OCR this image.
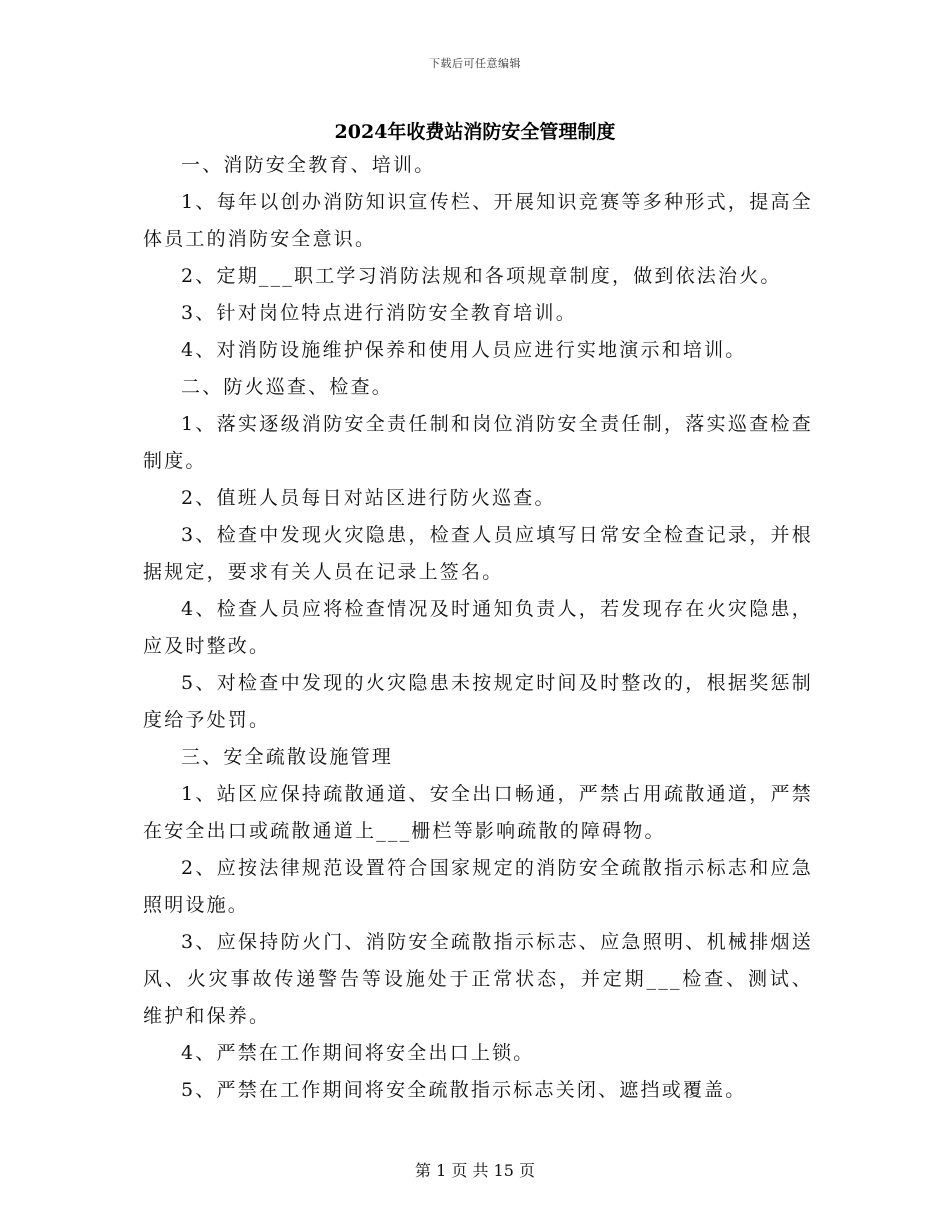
下载后可任意编辑
2024年收费站消防安全管理制度

一、消防安全教育、培训。

1、每年以创办消防知识宣传栏、开展知识竞赛等多种形式，提高全体员工的消防安全意识。

2、定期___职工学习消防法规和各项规章制度，做到依法治火。

3、针对岗位特点进行消防安全教育培训。

4、对消防设施维护保养和使用人员应进行实地演示和培训。

二、防火巡查、检查。

1、落实逐级消防安全责任制和岗位消防安全责任制，落实巡查检查制度。

2、值班人员每日对站区进行防火巡查。

3、检查中发现火灾隐患，检查人员应填写日常安全检查记录，并根据规定，要求有关人员在记录上签名。

4、检查人员应将检查情况及时通知负责人，若发现存在火灾隐患，应及时整改。

5、对检查中发现的火灾隐患未按规定时间及时整改的，根据奖惩制度给予处罚。

三、安全疏散设施管理

1、站区应保持疏散通道、安全出口畅通，严禁占用疏散通道，严禁在安全出口或疏散通道上___栅栏等影响疏散的障碍物。

2、应按法律规范设置符合国家规定的消防安全疏散指示标志和应急照明设施。

3、应保持防火门、消防安全疏散指示标志、应急照明、机械排烟送风、火灾事故传递警告等设施处于正常状态，并定期___检查、测试、维护和保养。

4、严禁在工作期间将安全出口上锁。

5、严禁在工作期间将安全疏散指示标志关闭、遮挡或覆盖。

第 1 页 共 15 页
